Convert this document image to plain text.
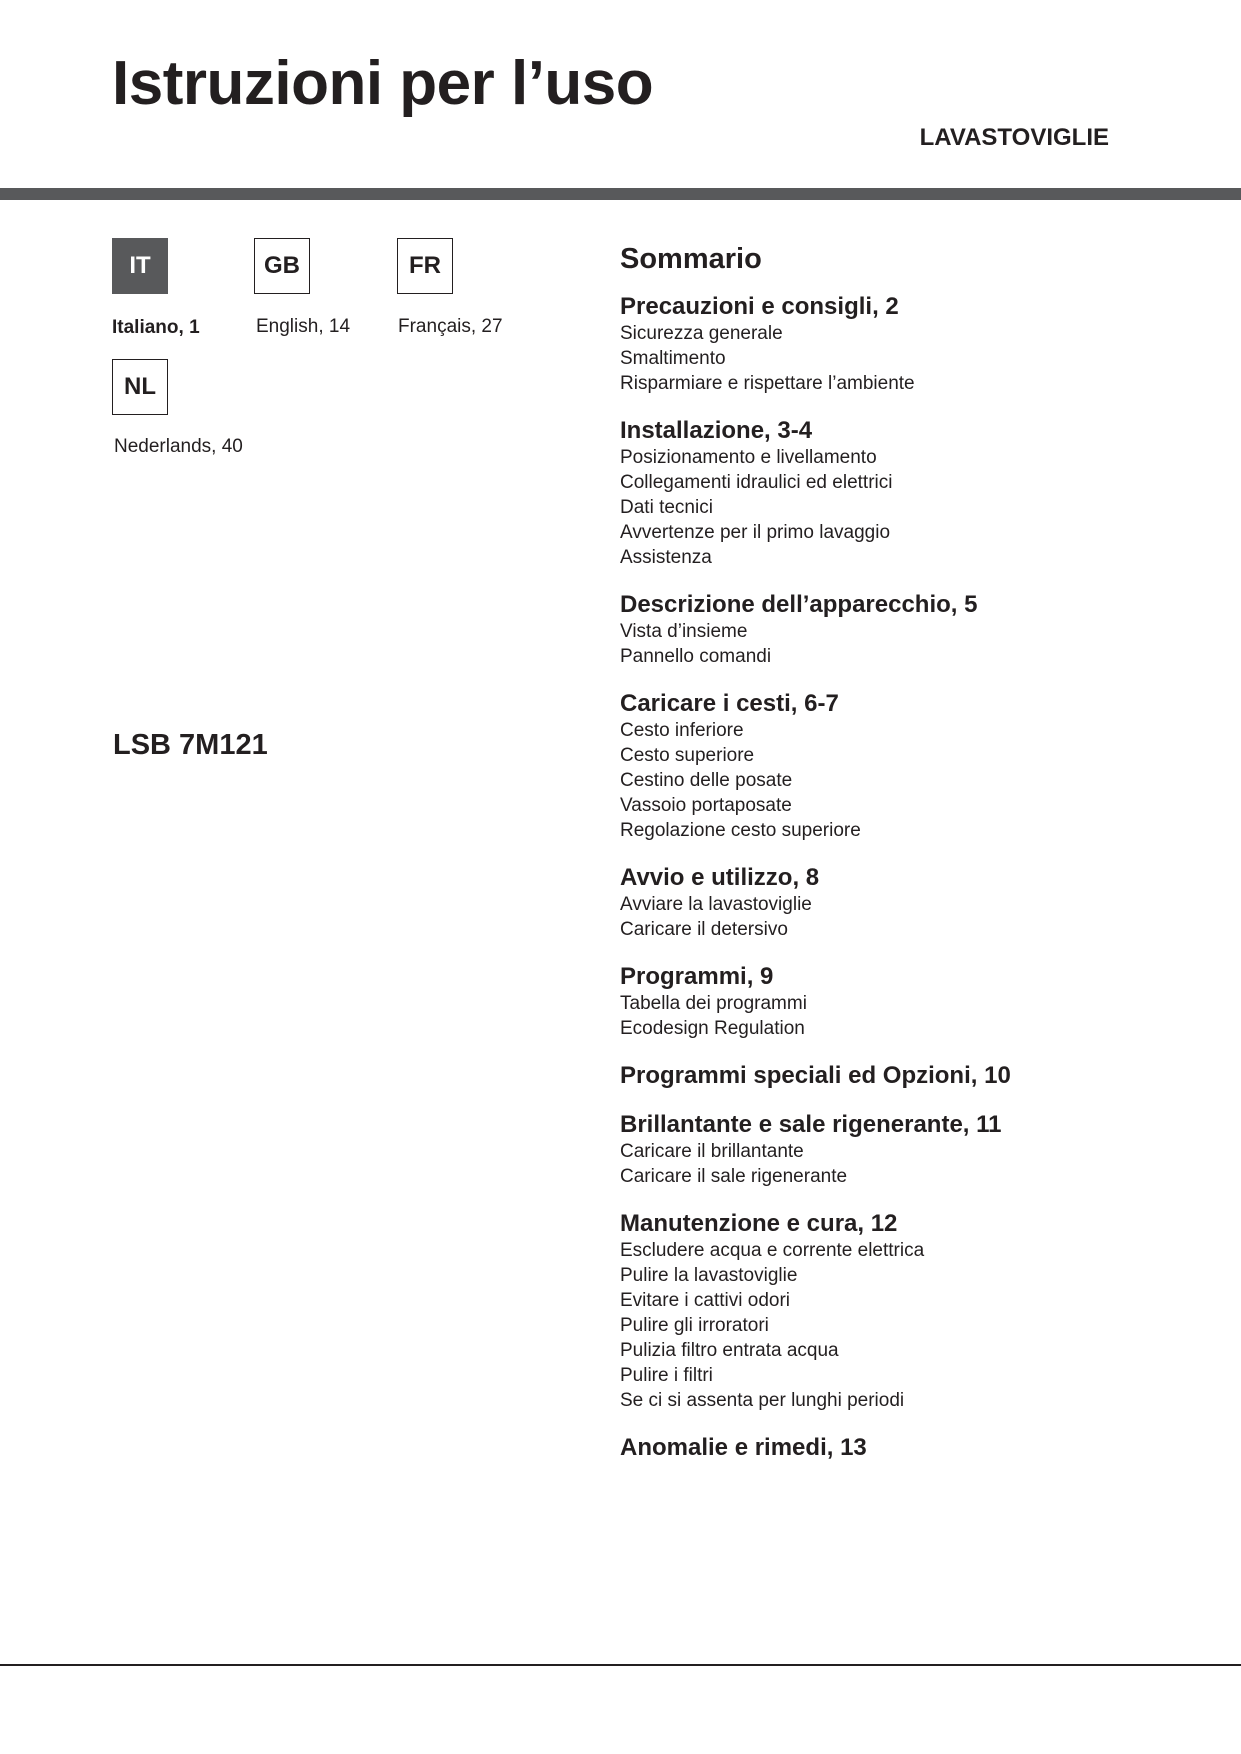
Istruzioni per l’uso
LAVASTOVIGLIE
IT
Italiano, 1
GB
English, 14
FR
Français, 27
NL
Nederlands, 40
LSB 7M121
Sommario
Precauzioni e consigli, 2
Sicurezza generale
Smaltimento
Risparmiare e rispettare l’ambiente
Installazione, 3-4
Posizionamento e livellamento
Collegamenti idraulici ed elettrici
Dati tecnici
Avvertenze per il primo lavaggio
Assistenza
Descrizione dell’apparecchio, 5
Vista d’insieme
Pannello comandi
Caricare i cesti, 6-7
Cesto inferiore
Cesto superiore
Cestino delle posate
Vassoio portaposate
Regolazione cesto superiore
Avvio e utilizzo, 8
Avviare la lavastoviglie
Caricare il detersivo
Programmi, 9
Tabella dei programmi
Ecodesign Regulation
Programmi speciali ed Opzioni, 10
Brillantante e sale rigenerante, 11
Caricare il brillantante
Caricare il sale rigenerante
Manutenzione e cura, 12
Escludere acqua e corrente elettrica
Pulire la lavastoviglie
Evitare i cattivi odori
Pulire gli irroratori
Pulizia filtro entrata acqua
Pulire i filtri
Se ci si assenta per lunghi periodi
Anomalie e rimedi, 13
